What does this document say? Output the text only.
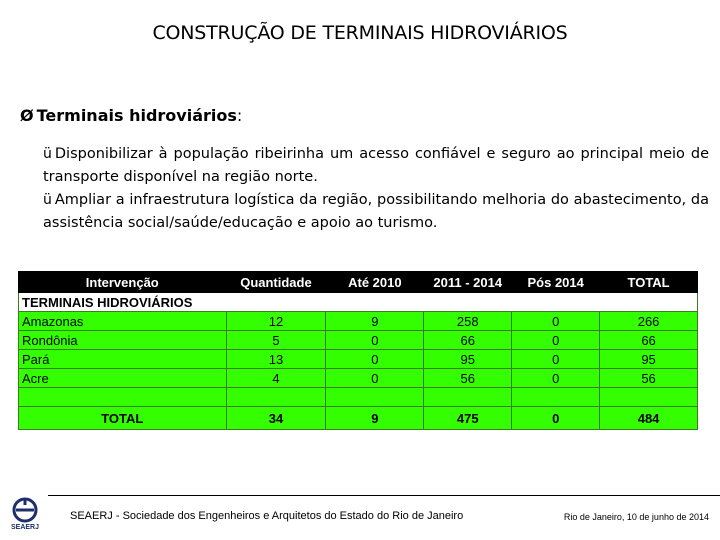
CONSTRUÇÃO DE TERMINAIS HIDROVIÁRIOS
Ø Terminais hidroviários:

ü Disponibilizar à população ribeirinha um acesso confiável e seguro ao principal meio de transporte disponível na região norte.

ü Ampliar a infraestrutura logística da região, possibilitando melhoria do abastecimento, da assistência social/saúde/educação e apoio ao turismo.

Intervenção	Quantidade	Até 2010	2011 - 2014	Pós 2014	TOTAL
TERMINAIS HIDROVIÁRIOS					
Amazonas	12	9	258	0	266
Rondônia	5	0	66	0	66
Pará	13	0	95	0	95
Acre	4	0	56	0	56

TOTAL	34	9	475	0	484
SEAERJ
SEAERJ - Sociedade dos Engenheiros e Arquitetos do Estado do Rio de Janeiro	Rio de Janeiro, 10 de junho de 2014
